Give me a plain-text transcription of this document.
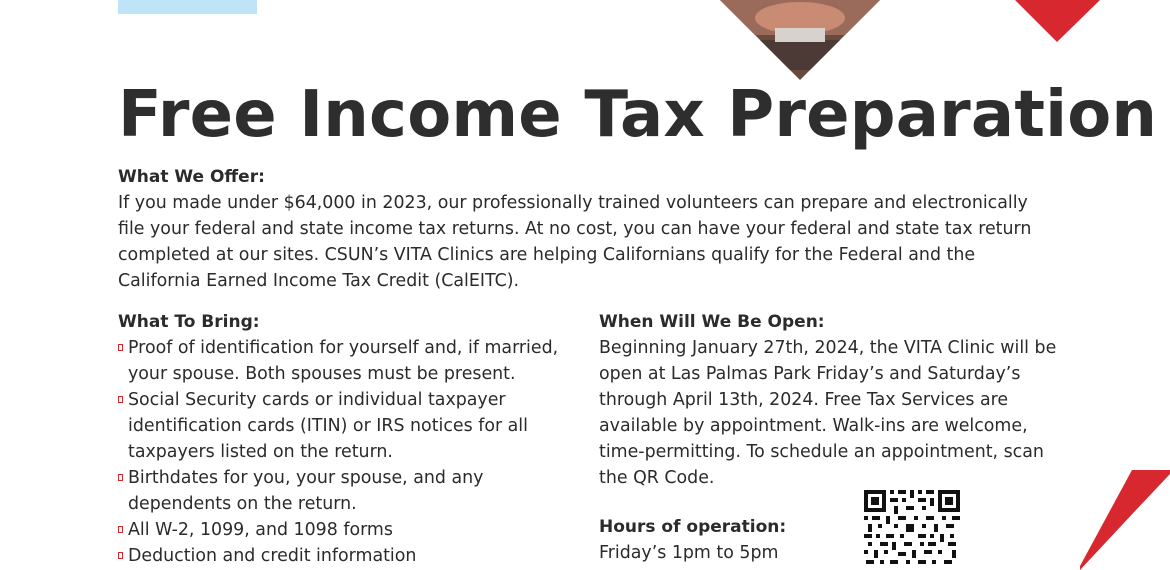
Free Income Tax Preparation

What We Offer:

If you made under $64,000 in 2023, our professionally trained volunteers can prepare and electronically file your federal and state income tax returns. At no cost, you can have your federal and state tax return completed at our sites. CSUN’s VITA Clinics are helping Californians qualify for the Federal and the California Earned Income Tax Credit (CalEITC).

What To Bring:

Proof of identification for yourself and, if married, your spouse. Both spouses must be present.
Social Security cards or individual taxpayer identification cards (ITIN) or IRS notices for all taxpayers listed on the return.
Birthdates for you, your spouse, and any dependents on the return.
All W-2, 1099, and 1098 forms
Deduction and credit information

When Will We Be Open:

Beginning January 27th, 2024, the VITA Clinic will be open at Las Palmas Park Friday’s and Saturday’s through April 13th, 2024. Free Tax Services are available by appointment. Walk-ins are welcome, time-permitting. To schedule an appointment, scan the QR Code.

Hours of operation:

Friday’s 1pm to 5pm
